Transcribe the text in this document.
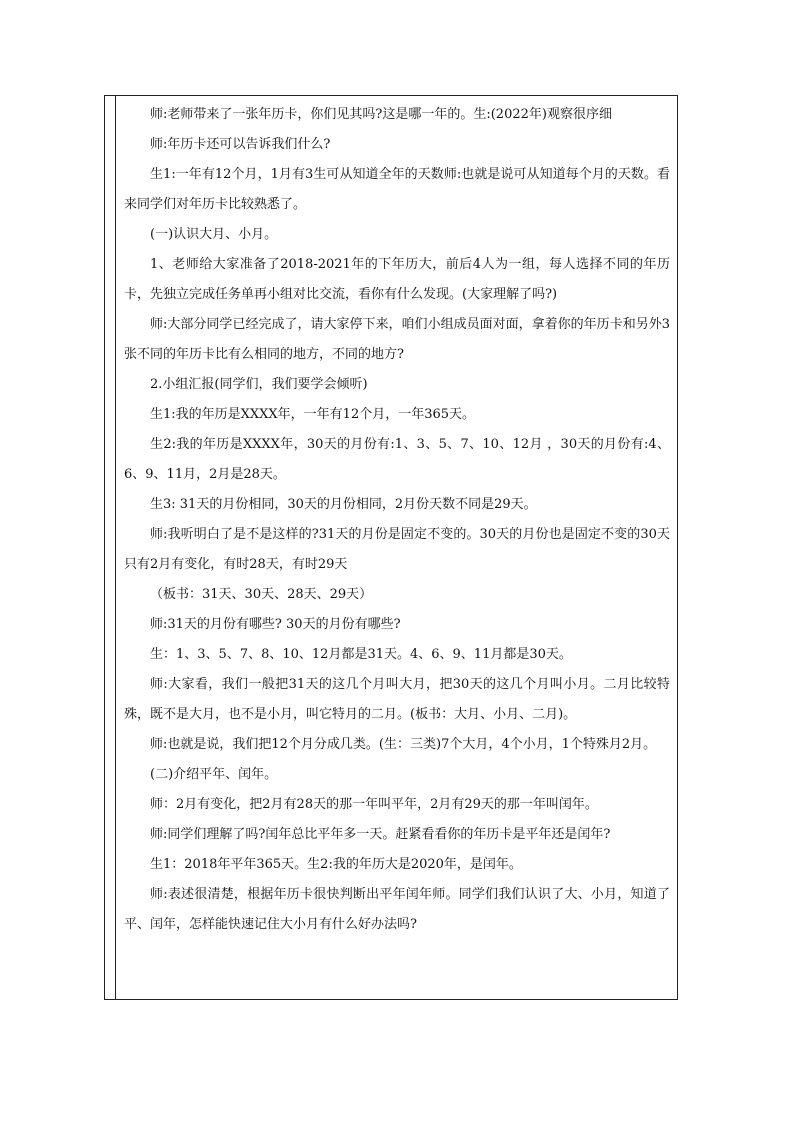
师:老师带来了一张年历卡，你们见其吗?这是哪一年的。生:(2022年)观察很序细

师:年历卡还可以告诉我们什么?

生1:一年有12个月，1月有3生可从知道全年的天数师:也就是说可从知道每个月的天数。看来同学们对年历卡比较熟悉了。

(一)认识大月、小月。

1、老师给大家准备了2018-2021年的下年历大，前后4人为一组，每人选择不同的年历卡，先独立完成任务单再小组对比交流，看你有什么发现。(大家理解了吗?)

师:大部分同学已经完成了，请大家停下来，咱们小组成员面对面，拿着你的年历卡和另外3张不同的年历卡比有么相同的地方，不同的地方?

2.小组汇报(同学们，我们要学会倾听)

生1:我的年历是XXXX年，一年有12个月，一年365天。

生2:我的年历是XXXX年，30天的月份有:1、3、5、7、10、12月 ，30天的月份有:4、6、9、11月，2月是28天。

生3: 31天的月份相同，30天的月份相同，2月份天数不同是29天。

师:我听明白了是不是这样的?31天的月份是固定不变的。30天的月份也是固定不变的30天只有2月有变化，有时28天，有时29天

（板书：31天、30天、28天、29天）

师:31天的月份有哪些? 30天的月份有哪些?

生：1、3、5、7、8、10、12月都是31天。4、6、9、11月都是30天。

师:大家看，我们一般把31天的这几个月叫大月，把30天的这几个月叫小月。二月比较特殊，既不是大月，也不是小月，叫它特月的二月。(板书：大月、小月、二月)。

师:也就是说，我们把12个月分成几类。(生：三类)7个大月，4个小月，1个特殊月2月。

(二)介绍平年、闰年。

师：2月有变化，把2月有28天的那一年叫平年，2月有29天的那一年叫闰年。

师:同学们理解了吗?闰年总比平年多一天。赶紧看看你的年历卡是平年还是闰年?

生1：2018年平年365天。生2:我的年历大是2020年，是闰年。

师:表述很清楚，根据年历卡很快判断出平年闰年师。同学们我们认识了大、小月，知道了平、闰年，怎样能快速记住大小月有什么好办法吗?
